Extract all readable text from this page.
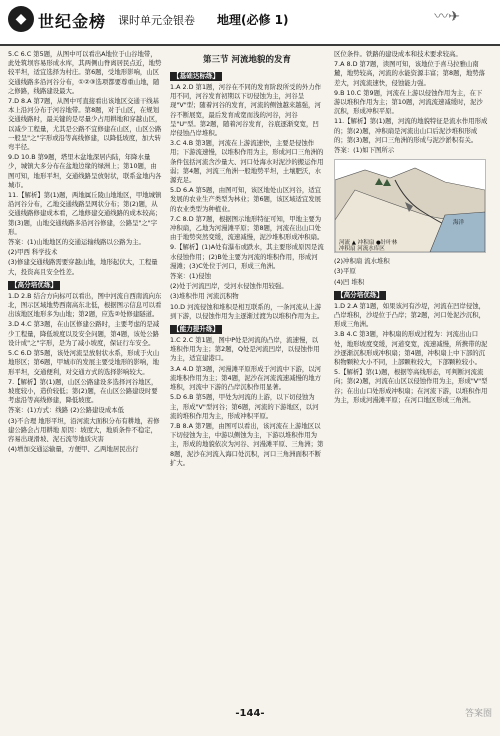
◆ 世纪金榜 课时单元金银卷 地理(必修 1)	〰✈

5.C 6.C 第5题，从图中可以看出A地位于山谷地带，此处筑坝容易形成水库，其两侧山脊离居民点近，地势较平坦，适宜选择为村庄。第6题，受地形影响，山区交通线路多沿河谷分布，①②③选项都要尊重山地，随之修路，线路建设最大。

7.D 8.A 第7题，从图中可直接看出该地区交通干线基本上沿河分布于河谷地带。第8题，对于山区，在规划交通线路时，最关键的是尽量少占用耕地和穿越山区，以减少工程量，尤其是公路不宜修建在山区，山区公路一般呈"之"字形或沿等高线修建，以降低坡度，加大转弯半径。

9.D 10.B 第9题，塔里木盆地深居内陆，年降水量少，城镇大多分布在盆地边缘的绿洲上；第10题，由图可知，地形平坦，交通线路呈放射状，联系盆地内各城市。

11.【解析】第(1)题，两地属丘陵山地地区，甲地城镇沿河谷分布，乙地交通线路呈网状分布；第(2)题，从交通线路修建成本看，乙地修建交通线路的成本较高；第(3)题，山地交通线路多沿河谷修建，公路呈"之"字形。

答案：(1)山地地区的交通运输线路以公路为主。

(2)甲西 科学技术

(3)修建交通线路需要穿越山地，地形起伏大，工程量大，投资高且安全性差。

【高分培优练】

1.D 2.B 结合方向标可以看出，图中河流自西南流向东北，图示区域地势西南高东北低，根据图示信息可以看出该地区地形多为山地；第2题，应选②处修建隧道。

3.D 4.C 第3题，在山区修建公路时，主要考虑的是减少工程量，降低坡度以及安全问题，第4题，该处公路设计成"之"字形，是为了减小坡度，保证行车安全。

5.C 6.D 第5题，该处河流呈放射状水系，形成于火山地形区；第6题，甲城市的发展主要受地形的影响，地形平坦，交通便利，对交通方式的选择影响较大。

7.【解析】第(1)题，山区公路建设多选择河谷地区，坡度较小，造价较低；第(2)题，在山区公路建设时要考虑沿等高线修建，降低坡度。

答案：(1)方式：线路 (2)公路建设成本低

(3)不合理 地形平坦，沿河流大面积分布有耕地，若修建公路会占用耕地 原因：坡度大，地质条件不稳定，容易出现滑坡、泥石流等地质灾害

(4)增加交通运输量，方便甲、乙两地居民出行

第三节 河流地貌的发育
【基础达标练】

1.A 2.D 第1题，河谷在不同的发育阶段所受的外力作用不同，河谷发育初期以下切侵蚀为主，河谷呈现"V"型；随着河谷的发育，河流的侧蚀越来越强，河谷不断展宽，最后发育成宽而浅的河谷，河谷呈"U"型。第2题，随着河谷发育，谷底逐渐变宽，凹岸侵蚀凸岸堆积。

3.C 4.B 第3题，河流在上游流速快，主要是侵蚀作用；下游流速慢，以堆积作用为主，形成河口三角洲的条件包括河流含沙量大、河口处海水对泥沙的搬运作用弱；第4题，河流三角洲一般地势平坦，土壤肥沃，水源充足。

5.D 6.A 第5题，由图可知，该区地处山区河谷，适宜发展的农业生产类型为林业；第6题，该区域适宜发展的农业类型为种植业。

7.C 8.D 第7题，根据图示地形特征可知，甲地主要为冲积扇，乙地为河漫滩平原；第8题，河流在出山口处由于地势突然变缓，流速减慢，泥沙堆积形成冲积扇。

9.【解析】(1)A处有瀑布或跌水，其主要形成原因是流水侵蚀作用；(2)B处主要为河流的堆积作用，形成河漫滩；(3)C处位于河口，形成三角洲。

答案：(1)侵蚀

(2)处于河流凹岸，受河水侵蚀作用较强。

(3)堆积作用 河流沉积物

10.D 河流侵蚀和堆积是相互联系的，一条河流从上游到下游，以侵蚀作用为主逐渐过渡为以堆积作用为主。

【能力提升练】

1.C 2.C 第1题，图中P处是河流的凸岸，流速慢，以堆积作用为主；第2题，Q处是河流凹岸，以侵蚀作用为主，适宜建港口。

3.A 4.D 第3题，河漫滩平原形成于河流中下游，以河流堆积作用为主；第4题，泥沙在河流流速减慢的地方堆积，河流中下游的凸岸沉积作用显著。

5.D 6.B 第5题，甲处为河流的上游，以下切侵蚀为主，形成"V"型河谷；第6题，河流的下游地区，以河流的堆积作用为主，形成冲积平原。

7.B 8.A 第7题，由图可以看出，该河流在上游地区以下切侵蚀为主，中游以侧蚀为主，下游以堆积作用为主，形成的地貌依次为河谷、河漫滩平原、三角洲；第8题，泥沙在河流入海口处沉积，河口三角洲面积不断扩大。

区位条件。铁路的建设成本和技术要求较高。

7.A 8.D 第7题，读图可知，该地位于喜马拉雅山南麓，地势较高，河流的水能资源丰富；第8题，地势落差大，河流流速快，侵蚀能力强。

9.B 10.C 第9题，河流在上游以侵蚀作用为主，在下游以堆积作用为主；第10题，河流流速减缓时，泥沙沉积，形成冲积平原。

11.【解析】第(1)题，河流的地貌特征是流水作用形成的；第(2)题，冲积扇是河流出山口后泥沙堆积形成的；第(3)题，河口三角洲的形成与泥沙淤积有关。

答案：(1)如下图所示

海洋
河流 ▲ 冲积扇 ●针叶林
冲积扇 河流水库区

(2)冲积扇 流水堆积

(3)平原

(4)凹 堆积

【高分培优练】

1.D 2.A 第1题，如果该河有沙堤，河流在凹岸侵蚀，凸岸堆积，沙堤位于凸岸；第2题，河口处泥沙沉积，形成三角洲。

3.B 4.C 第3题，冲积扇的形成过程为：河流出山口处，地形坡度变缓，河道变宽，流速减慢，所携带的泥沙逐渐沉积形成冲积扇；第4题，冲积扇上中下部的沉积物颗粒大小不同，上部颗粒较大，下部颗粒较小。

5.【解析】第(1)题，根据等高线形态，可判断河流流向；第(2)题，河流在山区以侵蚀作用为主，形成"V"型谷；在出山口处形成冲积扇；在河流下游，以堆积作用为主，形成河漫滩平原；在河口地区形成三角洲。

-144-	答案圈
